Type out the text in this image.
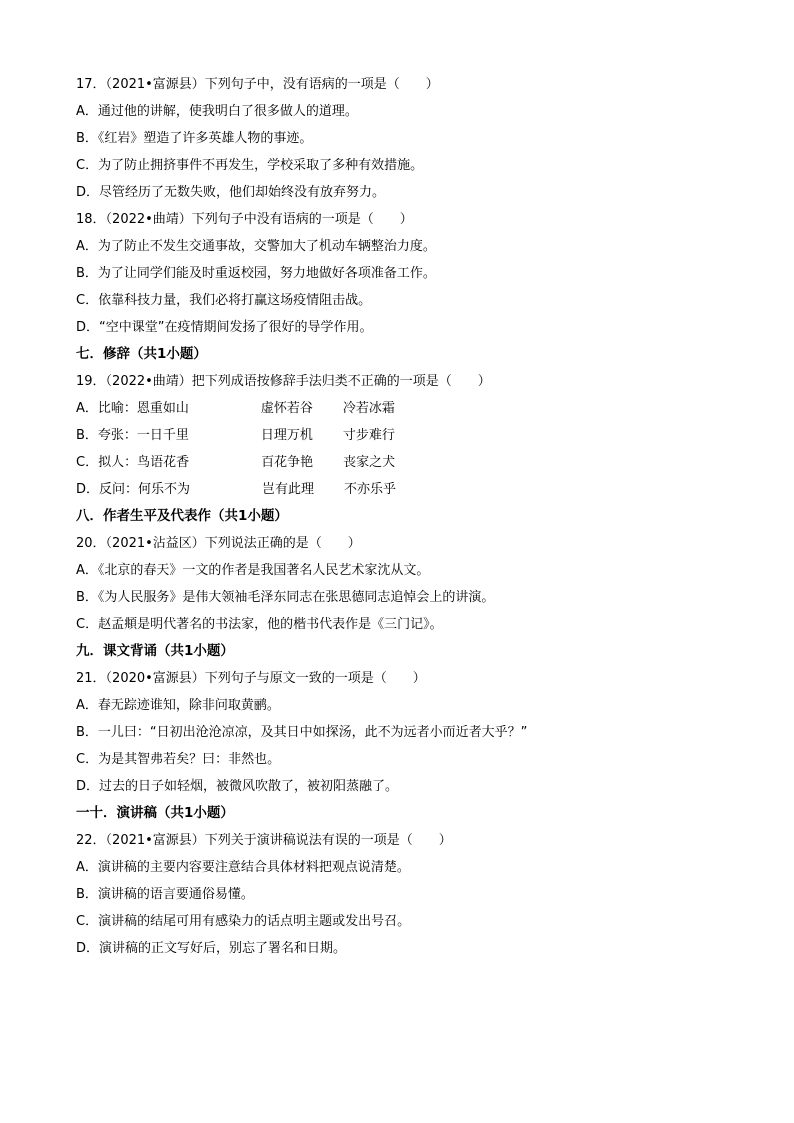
17．（2021•富源县）下列句子中，没有语病的一项是（　　）
A．通过他的讲解，使我明白了很多做人的道理。
B．《红岩》塑造了许多英雄人物的事迹。
C．为了防止拥挤事件不再发生，学校采取了多种有效措施。
D．尽管经历了无数失败，他们却始终没有放弃努力。
18．（2022•曲靖）下列句子中没有语病的一项是（　　）
A．为了防止不发生交通事故，交警加大了机动车辆整治力度。
B．为了让同学们能及时重返校园，努力地做好各项准备工作。
C．依靠科技力量，我们必将打赢这场疫情阻击战。
D．“空中课堂”在疫情期间发扬了很好的导学作用。
七．修辞（共1小题）
19．（2022•曲靖）把下列成语按修辞手法归类不正确的一项是（　　）
A．比喻： 恩重如山	虚怀若谷	冷若冰霜
B．夸张： 一日千里	日理万机	寸步难行
C．拟人： 鸟语花香	百花争艳	丧家之犬
D．反问： 何乐不为	岂有此理	不亦乐乎
八．作者生平及代表作（共1小题）
20．（2021•沾益区）下列说法正确的是（　　）
A．《北京的春天》一文的作者是我国著名人民艺术家沈从文。
B．《为人民服务》是伟大领袖毛泽东同志在张思德同志追悼会上的讲演。
C．赵孟頫是明代著名的书法家，他的楷书代表作是《三门记》。
九．课文背诵（共1小题）
21．（2020•富源县）下列句子与原文一致的一项是（　　）
A．春无踪迹谁知，除非问取黄鹂。
B．一儿曰：“日初出沧沧凉凉，及其日中如探汤，此不为远者小而近者大乎？”
C．为是其智弗若矣？曰：非然也。
D．过去的日子如轻烟，被微风吹散了，被初阳蒸融了。
一十．演讲稿（共1小题）
22．（2021•富源县）下列关于演讲稿说法有误的一项是（　　）
A．演讲稿的主要内容要注意结合具体材料把观点说清楚。
B．演讲稿的语言要通俗易懂。
C．演讲稿的结尾可用有感染力的话点明主题或发出号召。
D．演讲稿的正文写好后，别忘了署名和日期。
